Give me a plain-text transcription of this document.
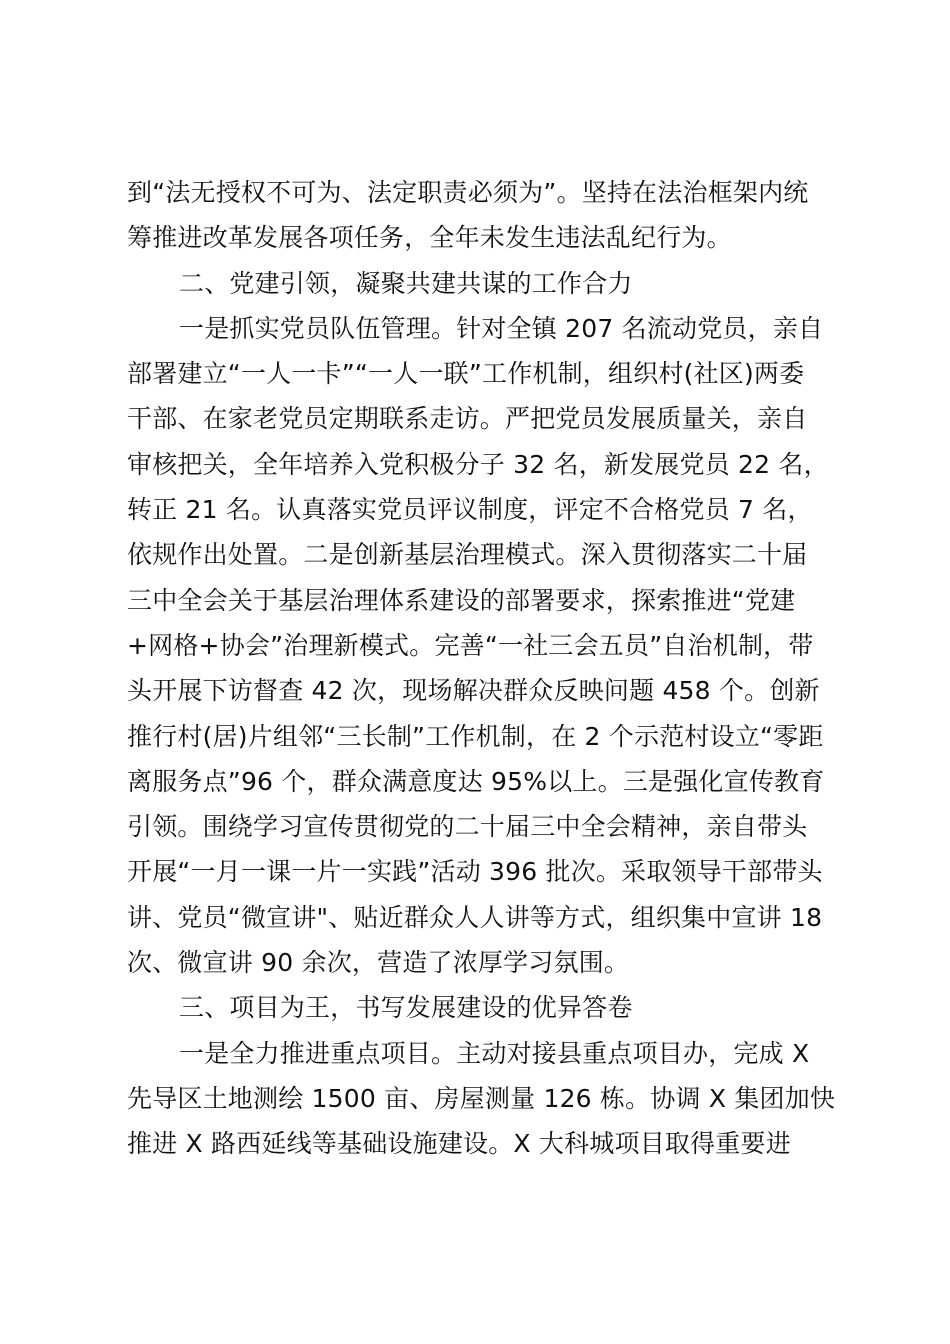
到“法无授权不可为、法定职责必须为”。坚持在法治框架内统
筹推进改革发展各项任务，全年未发生违法乱纪行为。
二、党建引领，凝聚共建共谋的工作合力
一是抓实党员队伍管理。针对全镇 207 名流动党员，亲自
部署建立“一人一卡”“一人一联”工作机制，组织村(社区)两委
干部、在家老党员定期联系走访。严把党员发展质量关，亲自
审核把关，全年培养入党积极分子 32 名，新发展党员 22 名，
转正 21 名。认真落实党员评议制度，评定不合格党员 7 名，
依规作出处置。二是创新基层治理模式。深入贯彻落实二十届
三中全会关于基层治理体系建设的部署要求，探索推进“党建
+网格+协会”治理新模式。完善“一社三会五员”自治机制，带
头开展下访督查 42 次，现场解决群众反映问题 458 个。创新
推行村(居)片组邻“三长制”工作机制，在 2 个示范村设立“零距
离服务点”96 个，群众满意度达 95%以上。三是强化宣传教育
引领。围绕学习宣传贯彻党的二十届三中全会精神，亲自带头
开展“一月一课一片一实践”活动 396 批次。采取领导干部带头
讲、党员“微宣讲"、贴近群众人人讲等方式，组织集中宣讲 18
次、微宣讲 90 余次，营造了浓厚学习氛围。
三、项目为王，书写发展建设的优异答卷
一是全力推进重点项目。主动对接县重点项目办，完成 X
先导区土地测绘 1500 亩、房屋测量 126 栋。协调 X 集团加快
推进 X 路西延线等基础设施建设。X 大科城项目取得重要进
